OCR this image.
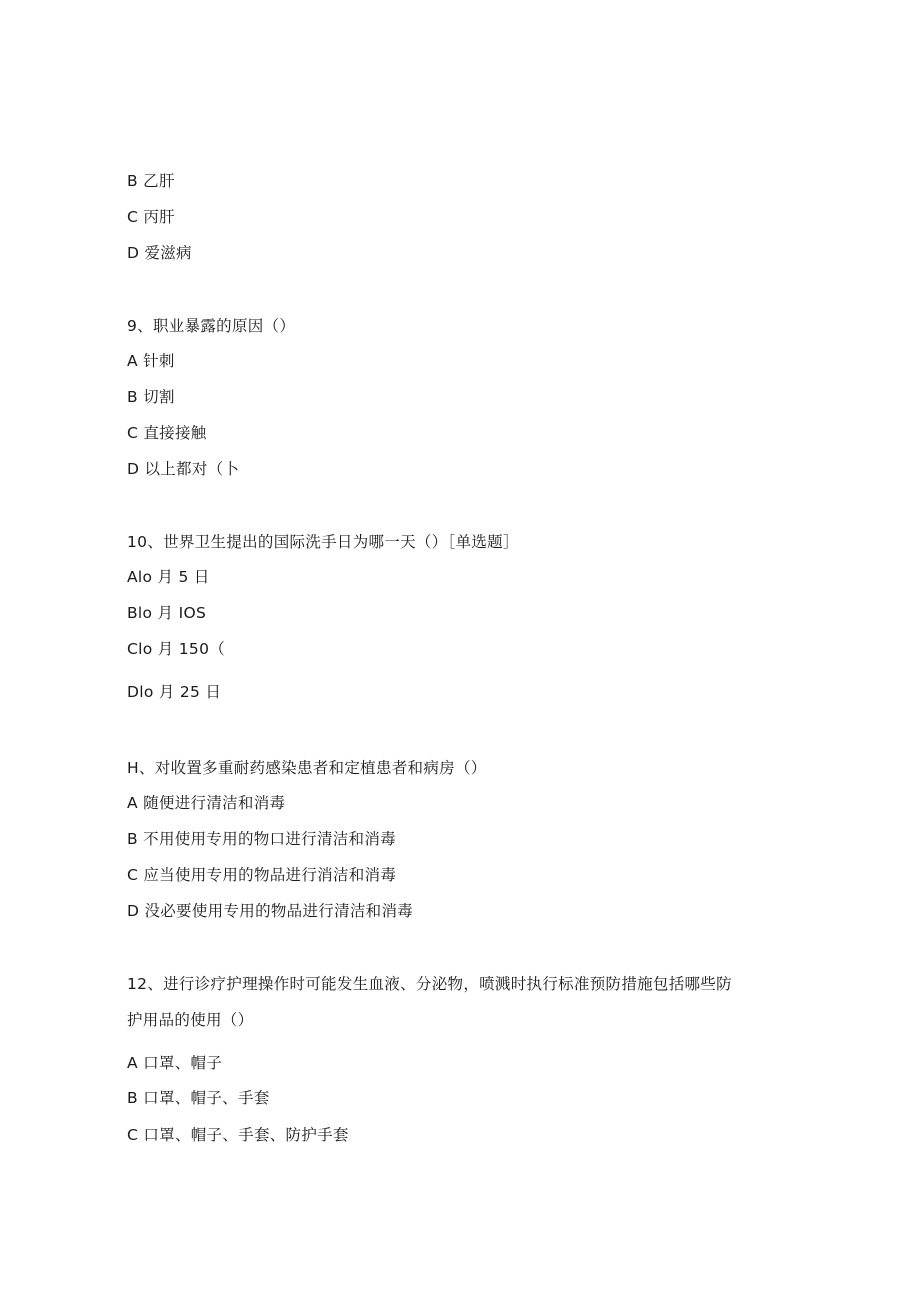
B 乙肝
C 丙肝
D 爱滋病
9、职业暴露的原因（）
A 针刺
B 切割
C 直接接触
D 以上都对（卜
10、世界卫生提出的国际洗手日为哪一天（）［单选题］
Alo 月 5 日
Blo 月 IOS
Clo 月 150（
Dlo 月 25 日
H、对收置多重耐药感染患者和定植患者和病房（）
A 随便进行清洁和消毒
B 不用使用专用的物口进行清洁和消毒
C 应当使用专用的物品进行消洁和消毒
D 没必要使用专用的物品进行清洁和消毒
12、进行诊疗护理操作时可能发生血液、分泌物，喷溅时执行标准预防措施包括哪些防
护用品的使用（）
A 口罩、帽子
B 口罩、帽子、手套
C 口罩、帽子、手套、防护手套
